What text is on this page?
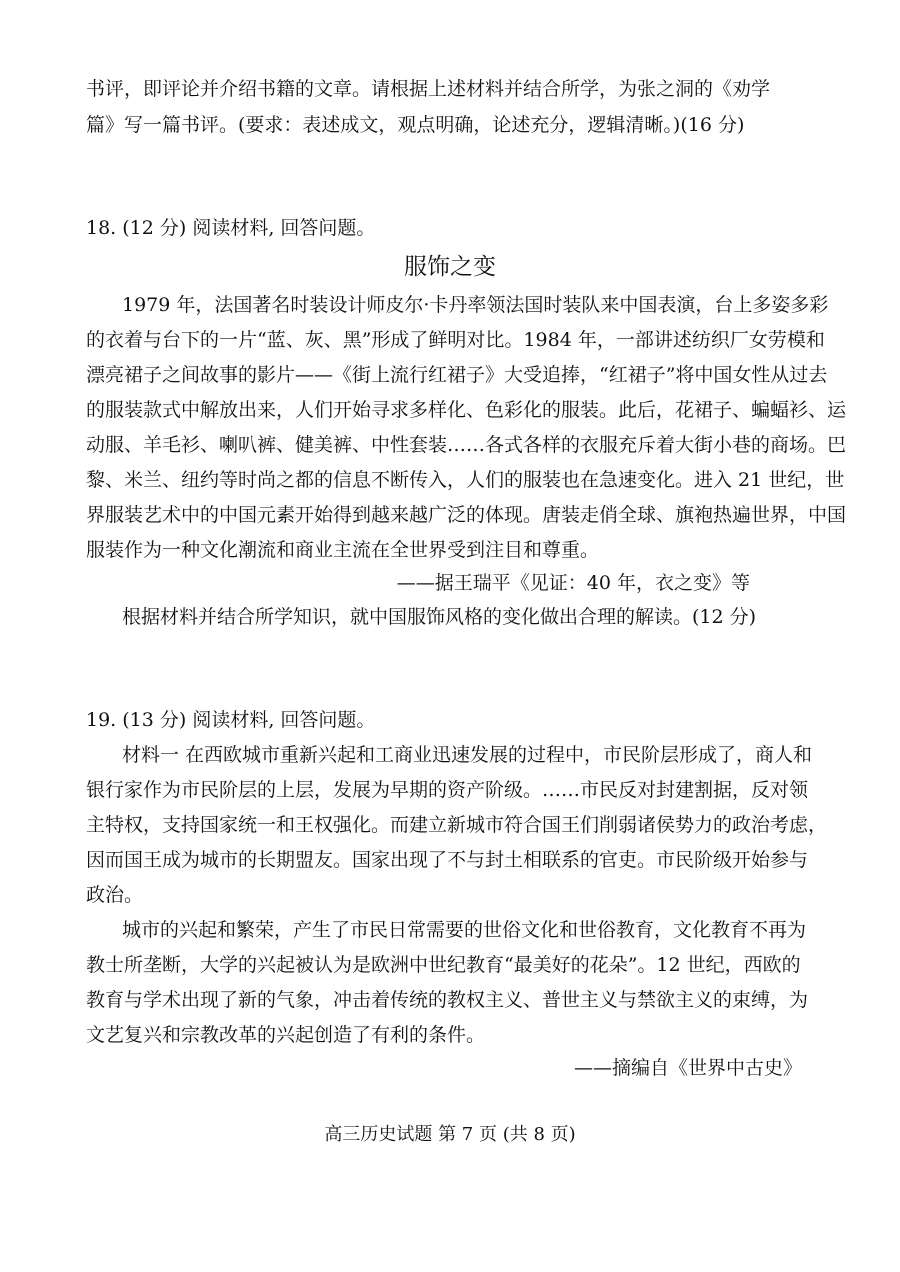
书评，即评论并介绍书籍的文章。请根据上述材料并结合所学，为张之洞的《劝学
篇》写一篇书评。(要求：表述成文，观点明确，论述充分，逻辑清晰。)(16 分)
18. (12 分) 阅读材料, 回答问题。
服饰之变
1979 年，法国著名时装设计师皮尔·卡丹率领法国时装队来中国表演，台上多姿多彩
的衣着与台下的一片“蓝、灰、黑”形成了鲜明对比。1984 年，一部讲述纺织厂女劳模和
漂亮裙子之间故事的影片——《街上流行红裙子》大受追捧，“红裙子”将中国女性从过去
的服装款式中解放出来，人们开始寻求多样化、色彩化的服装。此后，花裙子、蝙蝠衫、运
动服、羊毛衫、喇叭裤、健美裤、中性套装……各式各样的衣服充斥着大街小巷的商场。巴
黎、米兰、纽约等时尚之都的信息不断传入，人们的服装也在急速变化。进入 21 世纪，世
界服装艺术中的中国元素开始得到越来越广泛的体现。唐装走俏全球、旗袍热遍世界，中国
服装作为一种文化潮流和商业主流在全世界受到注目和尊重。
——据王瑞平《见证：40 年，衣之变》等
根据材料并结合所学知识，就中国服饰风格的变化做出合理的解读。(12 分)
19. (13 分) 阅读材料, 回答问题。
材料一 在西欧城市重新兴起和工商业迅速发展的过程中，市民阶层形成了，商人和
银行家作为市民阶层的上层，发展为早期的资产阶级。……市民反对封建割据，反对领
主特权，支持国家统一和王权强化。而建立新城市符合国王们削弱诸侯势力的政治考虑，
因而国王成为城市的长期盟友。国家出现了不与封土相联系的官吏。市民阶级开始参与
政治。
城市的兴起和繁荣，产生了市民日常需要的世俗文化和世俗教育，文化教育不再为
教士所垄断，大学的兴起被认为是欧洲中世纪教育“最美好的花朵”。12 世纪，西欧的
教育与学术出现了新的气象，冲击着传统的教权主义、普世主义与禁欲主义的束缚，为
文艺复兴和宗教改革的兴起创造了有利的条件。
——摘编自《世界中古史》
高三历史试题 第 7 页 (共 8 页)
